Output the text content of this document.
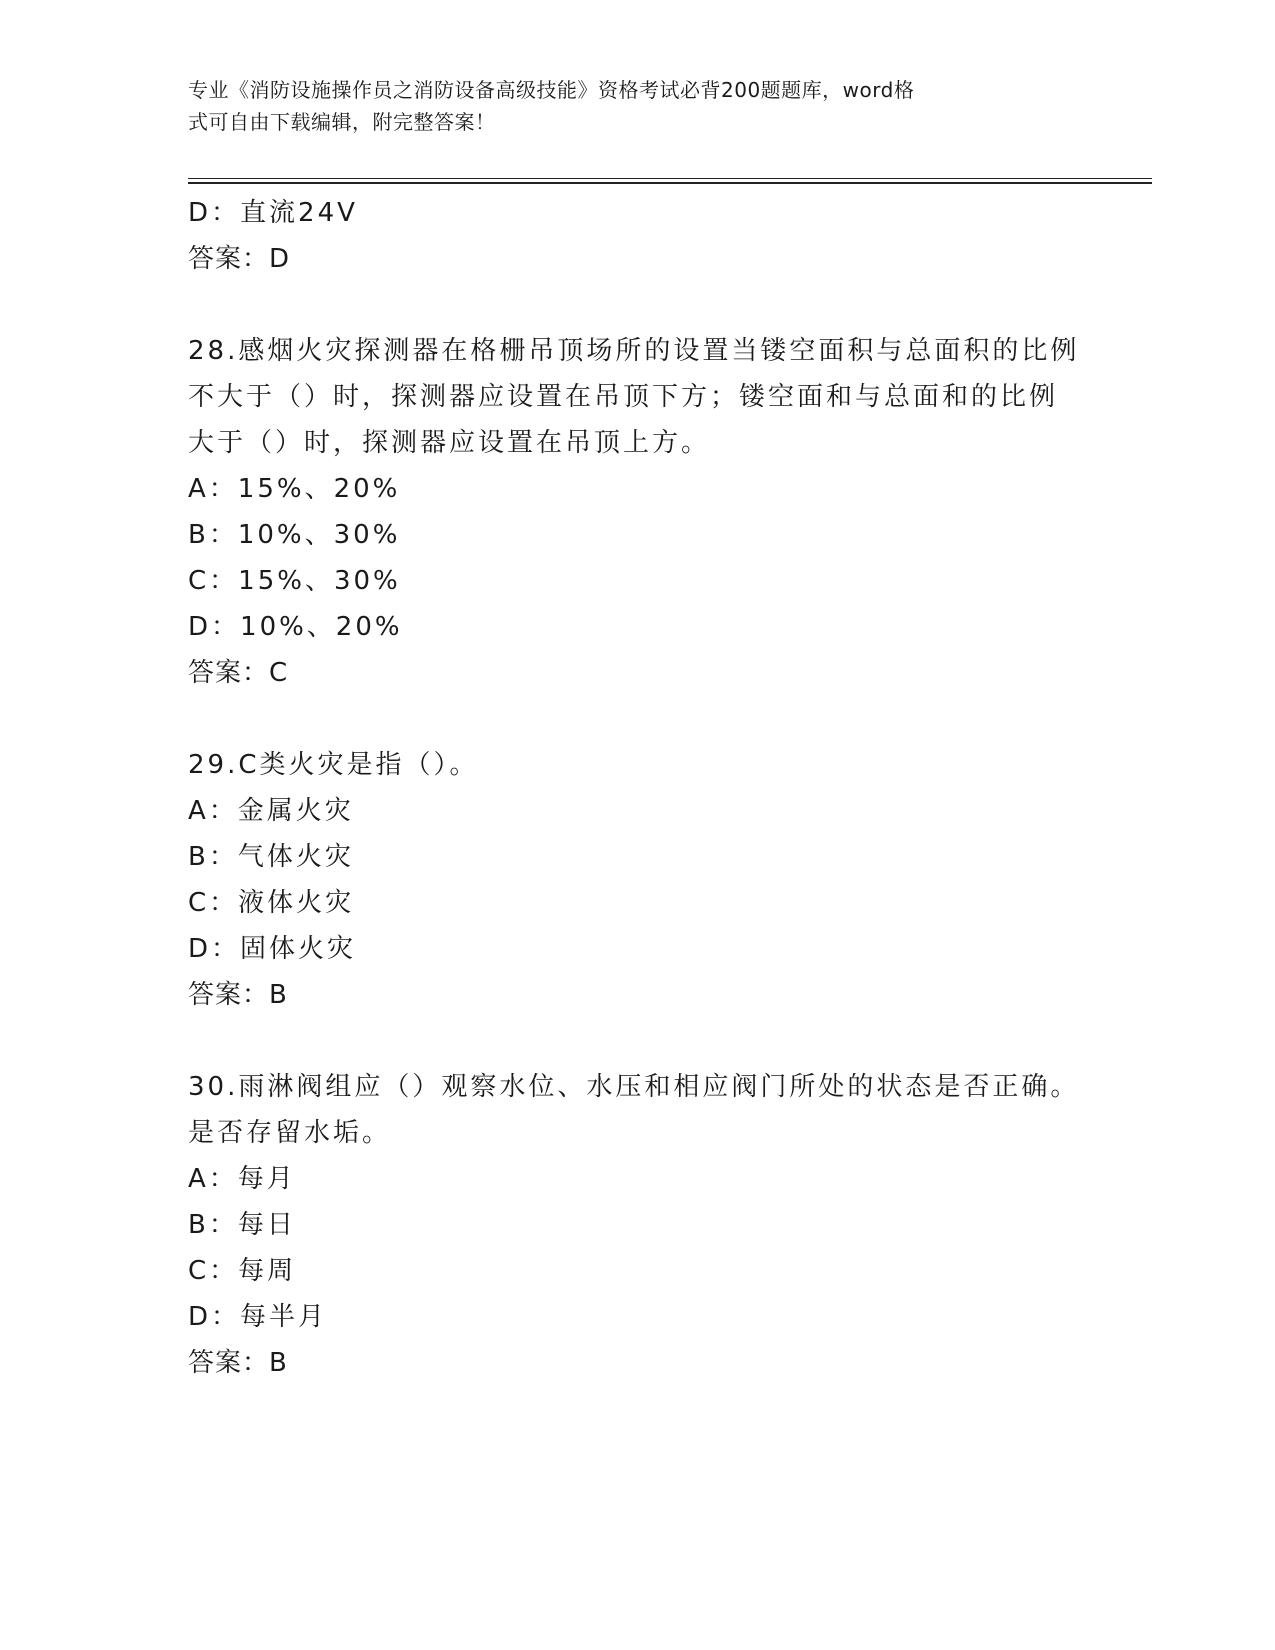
专业《消防设施操作员之消防设备高级技能》资格考试必背200题题库，word格
式可自由下载编辑，附完整答案！
D：直流24V
答案：D
28.感烟火灾探测器在格栅吊顶场所的设置当镂空面积与总面积的比例
不大于（）时，探测器应设置在吊顶下方；镂空面和与总面和的比例
大于（）时，探测器应设置在吊顶上方。
A：15%、20%
B：10%、30%
C：15%、30%
D：10%、20%
答案：C
29.C类火灾是指（）。
A：金属火灾
B：气体火灾
C：液体火灾
D：固体火灾
答案：B
30.雨淋阀组应（）观察水位、水压和相应阀门所处的状态是否正确。
是否存留水垢。
A：每月
B：每日
C：每周
D：每半月
答案：B
